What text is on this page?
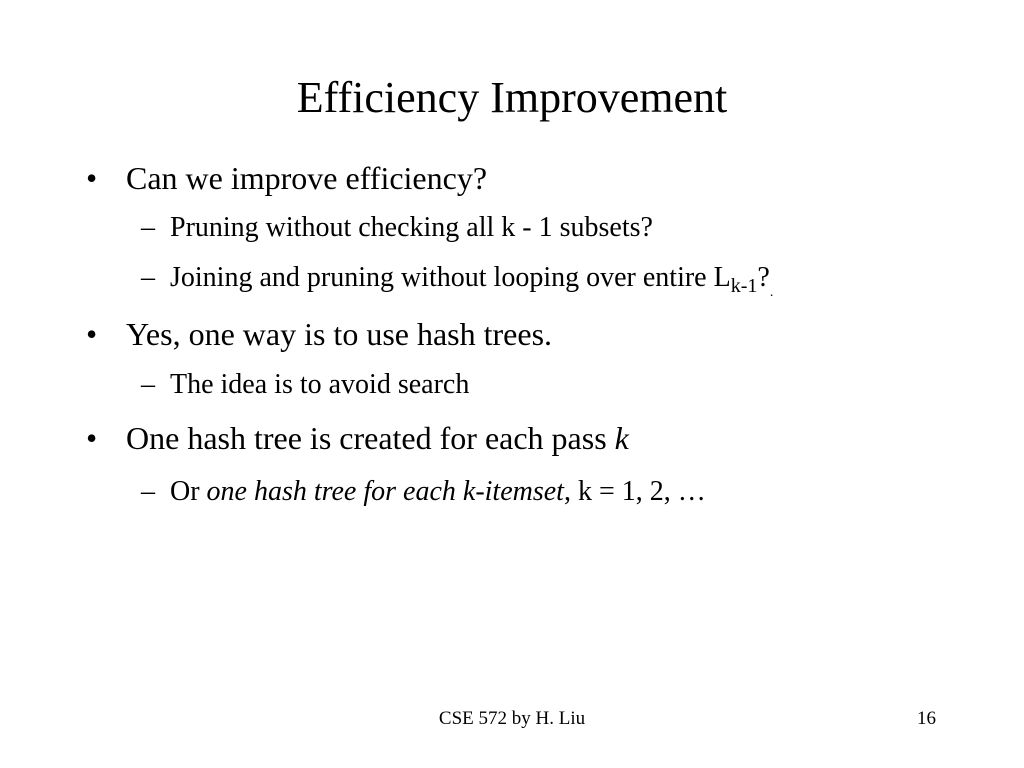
Efficiency Improvement
• Can we improve efficiency?
– Pruning without checking all k - 1 subsets?
– Joining and pruning without looping over entire $L_{k-1}?_.$
• Yes, one way is to use hash trees.
– The idea is to avoid search
• One hash tree is created for each pass k
– Or one hash tree for each k-itemset, k = 1, 2, …
CSE 572 by H. Liu	16
